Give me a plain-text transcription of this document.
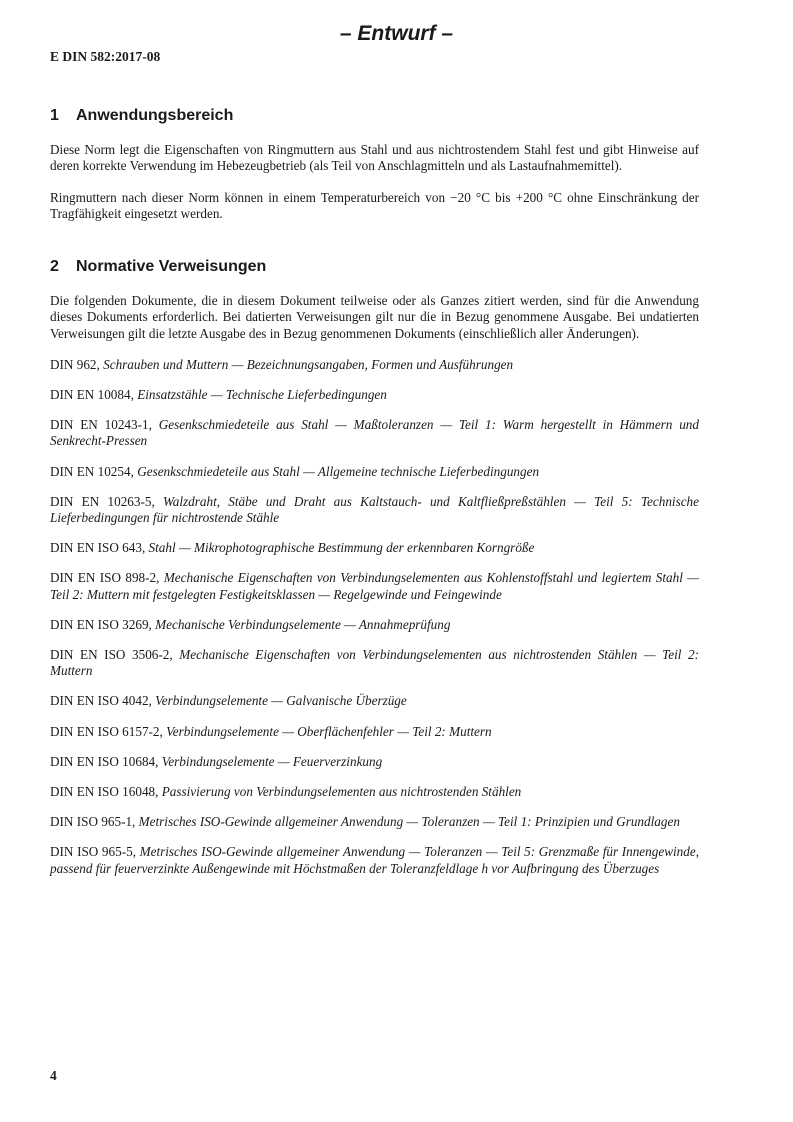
– Entwurf –
E DIN 582:2017-08
1	Anwendungsbereich

Diese Norm legt die Eigenschaften von Ringmuttern aus Stahl und aus nichtrostendem Stahl fest und gibt Hinweise auf deren korrekte Verwendung im Hebezeugbetrieb (als Teil von Anschlagmitteln und als Lastaufnahmemittel).

Ringmuttern nach dieser Norm können in einem Temperaturbereich von −20 °C bis +200 °C ohne Einschränkung der Tragfähigkeit eingesetzt werden.

2	Normative Verweisungen

Die folgenden Dokumente, die in diesem Dokument teilweise oder als Ganzes zitiert werden, sind für die Anwendung dieses Dokuments erforderlich. Bei datierten Verweisungen gilt nur die in Bezug genommene Ausgabe. Bei undatierten Verweisungen gilt die letzte Ausgabe des in Bezug genommenen Dokuments (einschließlich aller Änderungen).

DIN 962, Schrauben und Muttern — Bezeichnungsangaben, Formen und Ausführungen

DIN EN 10084, Einsatzstähle — Technische Lieferbedingungen

DIN EN 10243-1, Gesenkschmiedeteile aus Stahl — Maßtoleranzen — Teil 1: Warm hergestellt in Hämmern und Senkrecht-Pressen

DIN EN 10254, Gesenkschmiedeteile aus Stahl — Allgemeine technische Lieferbedingungen

DIN EN 10263-5, Walzdraht, Stäbe und Draht aus Kaltstauch- und Kaltfließpreßstählen — Teil 5: Technische Lieferbedingungen für nichtrostende Stähle

DIN EN ISO 643, Stahl — Mikrophotographische Bestimmung der erkennbaren Korngröße

DIN EN ISO 898-2, Mechanische Eigenschaften von Verbindungselementen aus Kohlenstoffstahl und legiertem Stahl — Teil 2: Muttern mit festgelegten Festigkeitsklassen — Regelgewinde und Feingewinde

DIN EN ISO 3269, Mechanische Verbindungselemente — Annahmeprüfung

DIN EN ISO 3506-2, Mechanische Eigenschaften von Verbindungselementen aus nichtrostenden Stählen — Teil 2: Muttern

DIN EN ISO 4042, Verbindungselemente — Galvanische Überzüge

DIN EN ISO 6157-2, Verbindungselemente — Oberflächenfehler — Teil 2: Muttern

DIN EN ISO 10684, Verbindungselemente — Feuerverzinkung

DIN EN ISO 16048, Passivierung von Verbindungselementen aus nichtrostenden Stählen

DIN ISO 965-1, Metrisches ISO-Gewinde allgemeiner Anwendung — Toleranzen — Teil 1: Prinzipien und Grundlagen

DIN ISO 965-5, Metrisches ISO-Gewinde allgemeiner Anwendung — Toleranzen — Teil 5: Grenzmaße für Innengewinde, passend für feuerverzinkte Außengewinde mit Höchstmaßen der Toleranzfeldlage h vor Aufbringung des Überzuges

4
